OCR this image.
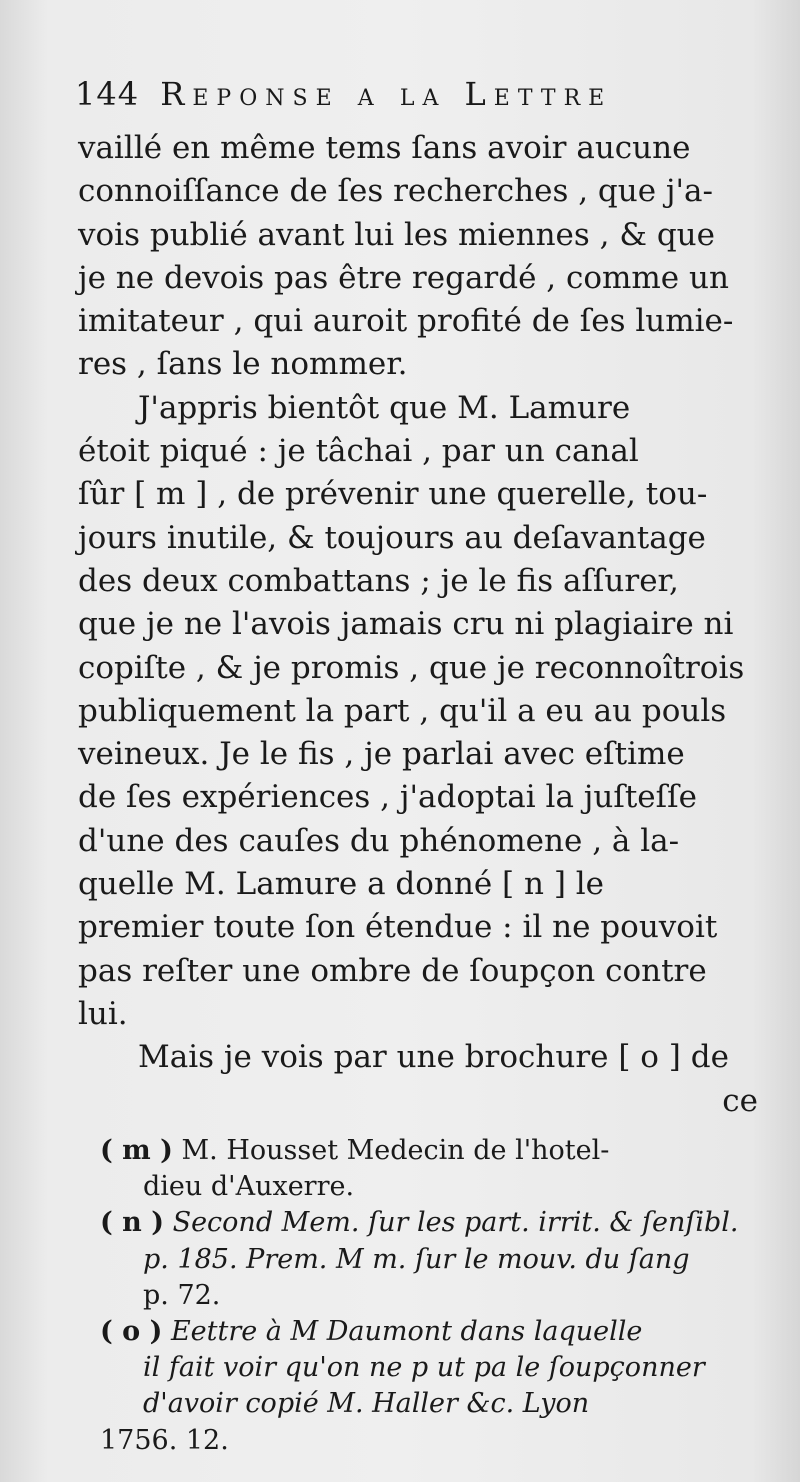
144 Reponse a la Lettre
vaillé en même tems ſans avoir aucune
connoiſſance de ſes recherches , que j'a-
vois publié avant lui les miennes , & que
je ne devois pas être regardé , comme un
imitateur , qui auroit profité de ſes lumie-
res , ſans le nommer.
J'appris bientôt que M. Lamure
étoit piqué : je tâchai , par un canal
ſûr [ m ] , de prévenir une querelle, tou-
jours inutile, & toujours au deſavantage
des deux combattans ; je le fis aſſurer,
que je ne l'avois jamais cru ni plagiaire ni
copiſte , & je promis , que je reconnoîtrois
publiquement la part , qu'il a eu au pouls
veineux. Je le fis , je parlai avec eſtime
de ſes expériences , j'adoptai la juſteſſe
d'une des cauſes du phénomene , à la-
quelle M. Lamure a donné [ n ] le
premier toute ſon étendue : il ne pouvoit
pas reſter une ombre de ſoupçon contre
lui.
Mais je vois par une brochure [ o ] de
ce
( m ) M. Housset Medecin de l'hotel-
dieu d'Auxerre.
( n ) Second Mem. ſur les part. irrit. & ſenſibl.
p. 185. Prem. M m. ſur le mouv. du ſang
p. 72.
( o ) Eettre à M Daumont dans laquelle
il fait voir qu'on ne p ut pa le ſoupçonner
d'avoir copié M. Haller &c. Lyon
1756. 12.
